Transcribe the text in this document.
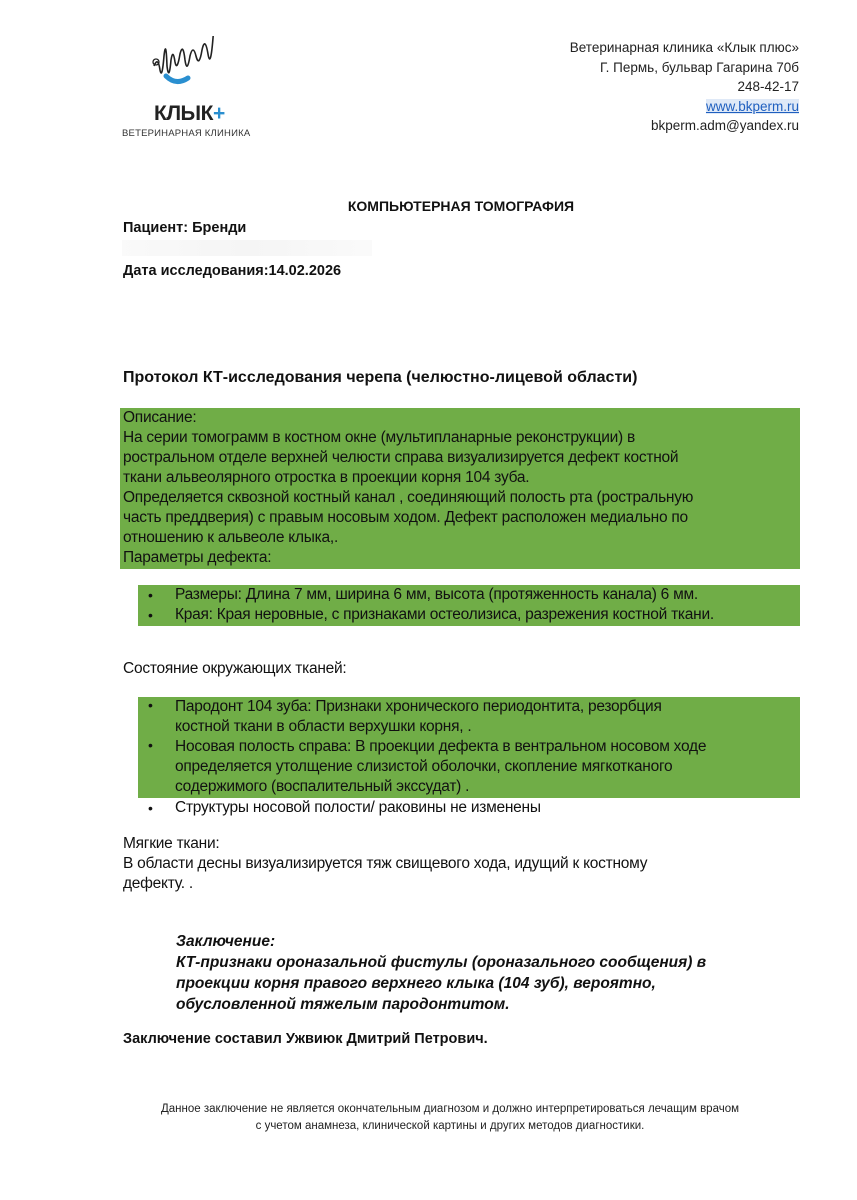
КЛЫК+
ВЕТЕРИНАРНАЯ КЛИНИКА
Ветеринарная клиника «Клык плюс»
Г. Пермь, бульвар Гагарина 70б
248-42-17
www.bkperm.ru
bkperm.adm@yandex.ru
КОМПЬЮТЕРНАЯ ТОМОГРАФИЯ
Пациент: Бренди
Дата исследования:14.02.2026
Протокол КТ-исследования черепа (челюстно-лицевой области)
Описание:
На серии томограмм в костном окне (мультипланарные реконструкции) в
ростральном отделе верхней челюсти справа визуализируется дефект костной
ткани альвеолярного отростка в проекции корня 104 зуба.
Определяется сквозной костный канал , соединяющий полость рта (ростральную
часть преддверия) с правым носовым ходом. Дефект расположен медиально по
отношению к альвеоле клыка,.
Параметры дефекта:
• Размеры: Длина 7 мм, ширина 6 мм, высота (протяженность канала) 6 мм.
• Края: Края неровные, с признаками остеолизиса, разрежения костной ткани.
Состояние окружающих тканей:
• Пародонт 104 зуба: Признаки хронического периодонтита, резорбция
костной ткани в области верхушки корня, .
• Носовая полость справа: В проекции дефекта в вентральном носовом ходе
определяется утолщение слизистой оболочки, скопление мягкотканого
содержимого (воспалительный экссудат) .
• Структуры носовой полости/ раковины не изменены
Мягкие ткани:
В области десны визуализируется тяж свищевого хода, идущий к костному
дефекту. .
Заключение:
КТ-признаки ороназальной фистулы (ороназального сообщения) в
проекции корня правого верхнего клыка (104 зуб), вероятно,
обусловленной тяжелым пародонтитом.
Заключение составил Ужвиюк Дмитрий Петрович.
Данное заключение не является окончательным диагнозом и должно интерпретироваться лечащим врачом
с учетом анамнеза, клинической картины и других методов диагностики.
